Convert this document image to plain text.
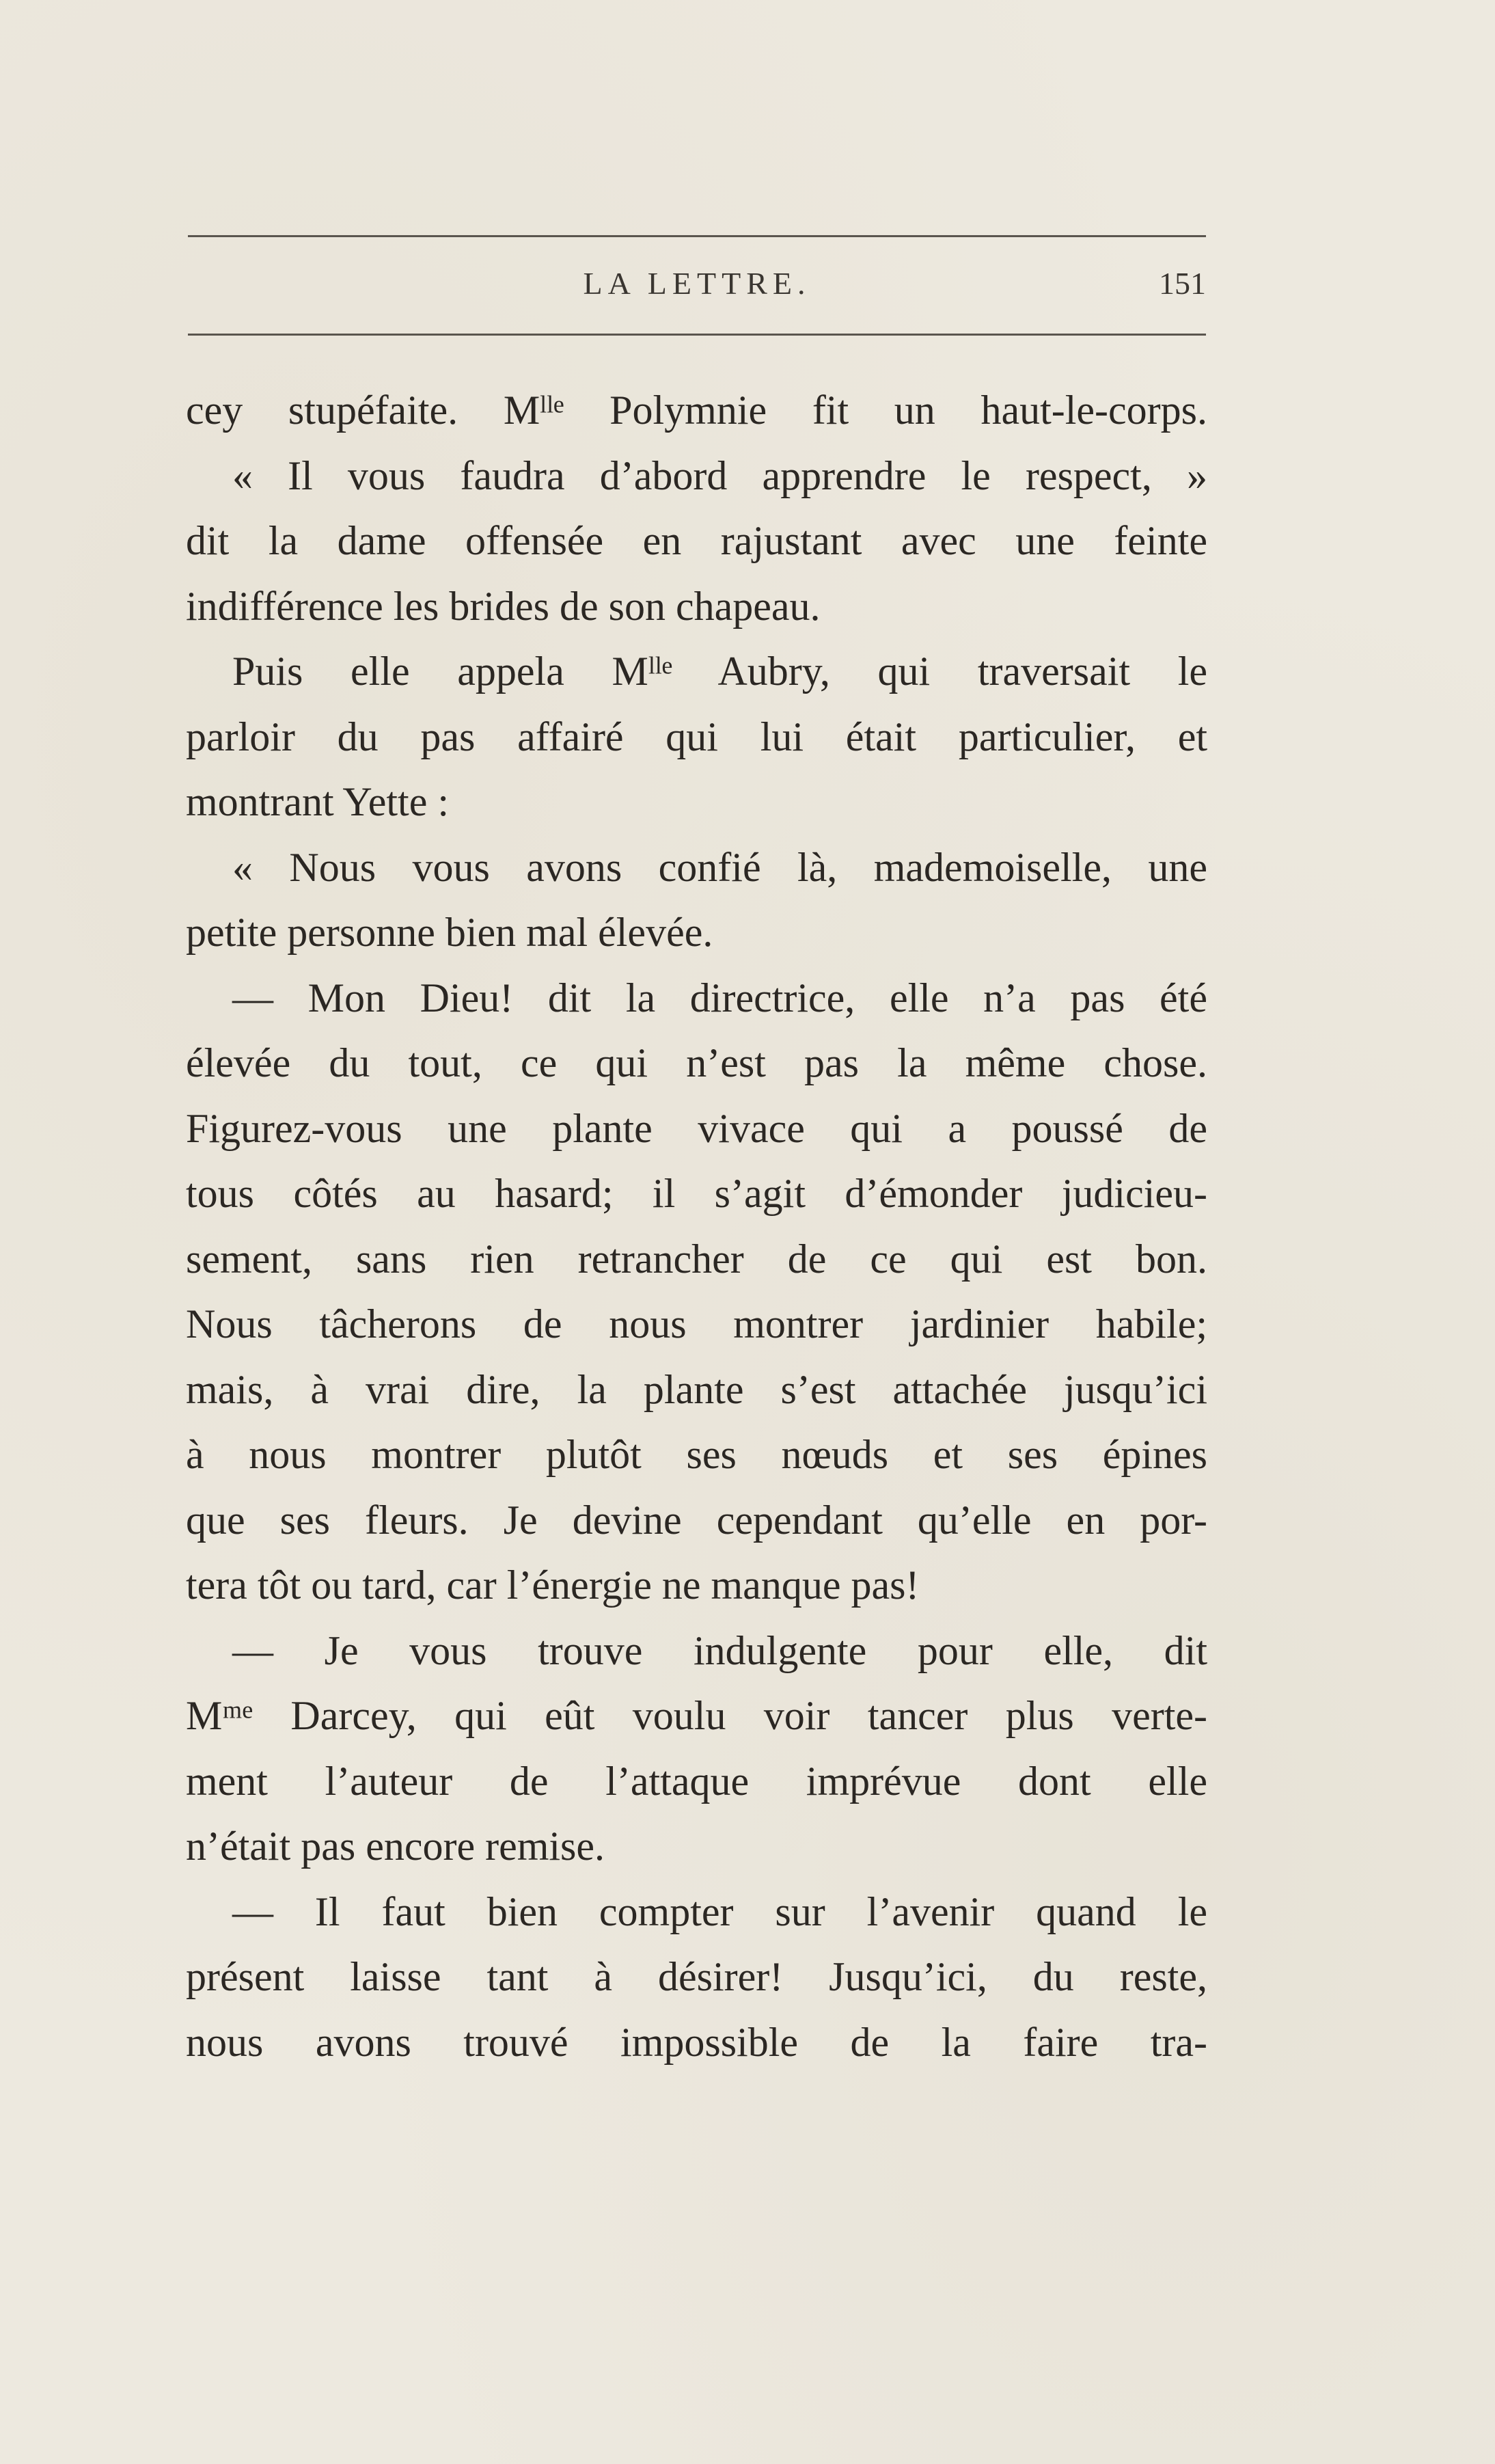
LA LETTRE.	151
cey stupéfaite. Mˡˡᵉ Polymnie fit un haut-le-corps.
« Il vous faudra d’abord apprendre le respect, »
dit la dame offensée en rajustant avec une feinte
indifférence les brides de son chapeau.
Puis elle appela Mˡˡᵉ Aubry, qui traversait le
parloir du pas affairé qui lui était particulier, et
montrant Yette :
« Nous vous avons confié là, mademoiselle, une
petite personne bien mal élevée.
— Mon Dieu! dit la directrice, elle n’a pas été
élevée du tout, ce qui n’est pas la même chose.
Figurez-vous une plante vivace qui a poussé de
tous côtés au hasard; il s’agit d’émonder judicieu-
sement, sans rien retrancher de ce qui est bon.
Nous tâcherons de nous montrer jardinier habile;
mais, à vrai dire, la plante s’est attachée jusqu’ici
à nous montrer plutôt ses nœuds et ses épines
que ses fleurs. Je devine cependant qu’elle en por-
tera tôt ou tard, car l’énergie ne manque pas!
— Je vous trouve indulgente pour elle, dit
Mᵐᵉ Darcey, qui eût voulu voir tancer plus verte-
ment l’auteur de l’attaque imprévue dont elle
n’était pas encore remise.
— Il faut bien compter sur l’avenir quand le
présent laisse tant à désirer! Jusqu’ici, du reste,
nous avons trouvé impossible de la faire tra-
